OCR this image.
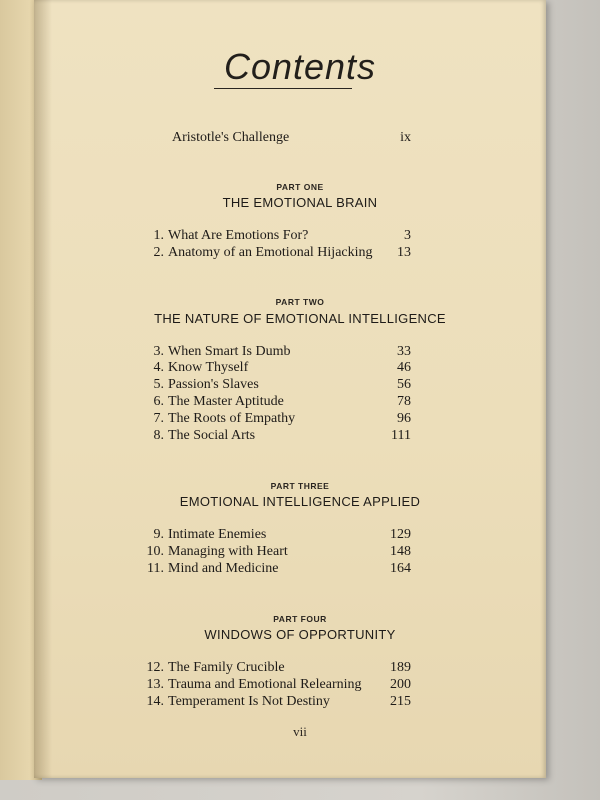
Contents
Aristotle's Challenge	ix
PART ONE
THE EMOTIONAL BRAIN
1. What Are Emotions For?	3
2. Anatomy of an Emotional Hijacking	13
PART TWO
THE NATURE OF EMOTIONAL INTELLIGENCE
3. When Smart Is Dumb	33
4. Know Thyself	46
5. Passion's Slaves	56
6. The Master Aptitude	78
7. The Roots of Empathy	96
8. The Social Arts	111
PART THREE
EMOTIONAL INTELLIGENCE APPLIED
9. Intimate Enemies	129
10. Managing with Heart	148
11. Mind and Medicine	164
PART FOUR
WINDOWS OF OPPORTUNITY
12. The Family Crucible	189
13. Trauma and Emotional Relearning	200
14. Temperament Is Not Destiny	215
vii
